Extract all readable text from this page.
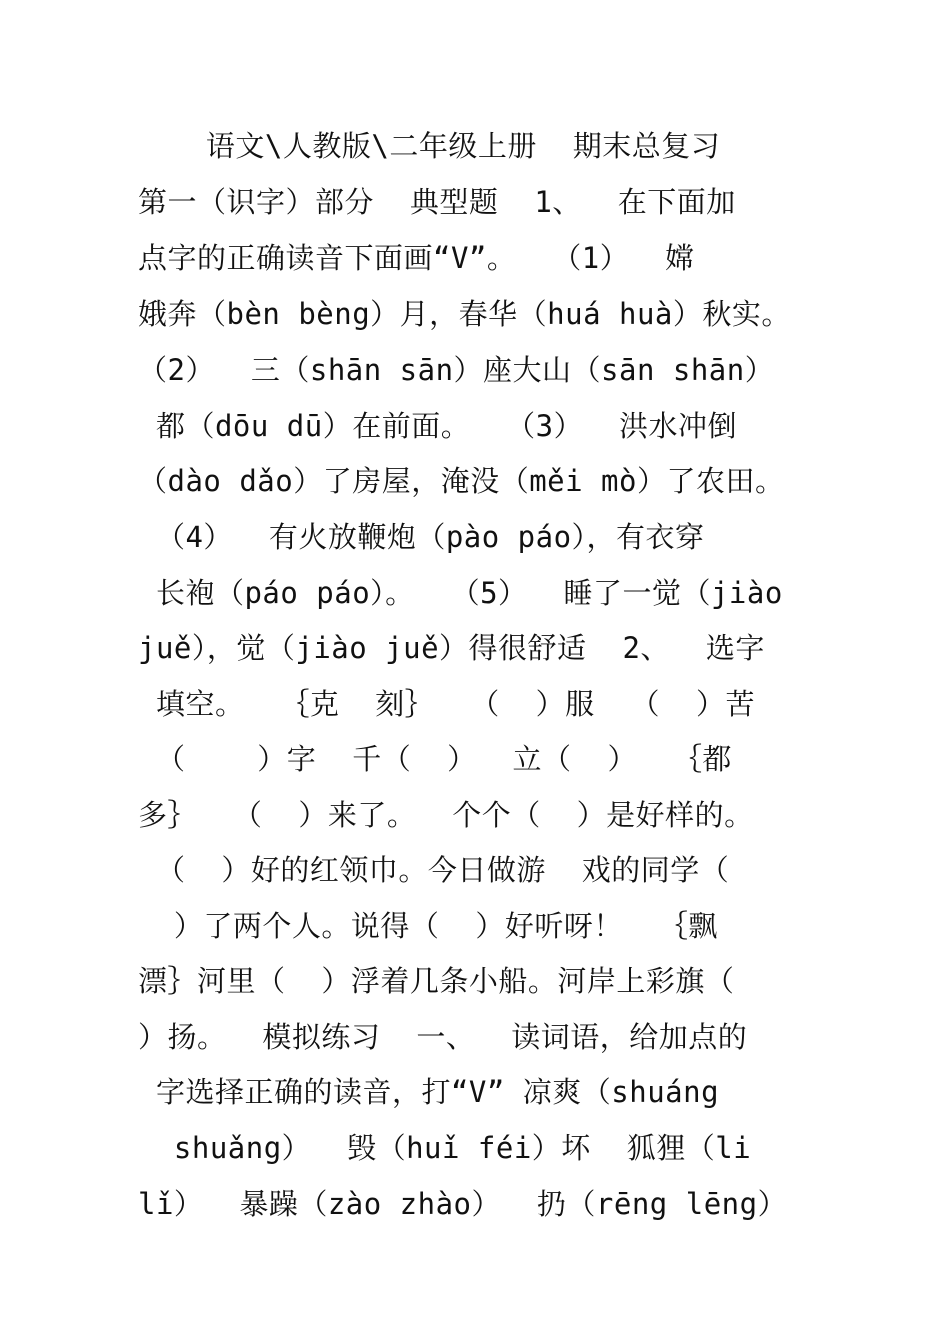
语文\人教版\二年级上册  期末总复习
第一（识字）部分  典型题  1、  在下面加
点字的正确读音下面画“V”。  （1）  嫦
娥奔（bèn bèng）月，春华（huá huà）秋实。
（2）  三（shān sān）座大山（sān shān）
都（dōu dū）在前面。  （3）  洪水冲倒
（dào dǎo）了房屋，淹没（měi mò）了农田。
（4）  有火放鞭炮（pào páo），有衣穿
长袍（páo páo）。  （5）  睡了一觉（jiào
juě），觉（jiào juě）得很舒适  2、  选字
填空。  ｛克  刻｝  （  ）服  （  ）苦
（    ）字  千（  ）  立（  ）  ｛都
多｝  （  ）来了。  个个（  ）是好样的。
（  ）好的红领巾。今日做游  戏的同学（
）了两个人。说得（  ）好听呀！  ｛飘
漂｝河里（  ）浮着几条小船。河岸上彩旗（
）扬。  模拟练习  一、  读词语，给加点的
字选择正确的读音，打“V” 凉爽（shuáng
shuǎng）  毁（huǐ féi）坏  狐狸（li
lǐ）  暴躁（zào zhào）  扔（rēng lēng）
